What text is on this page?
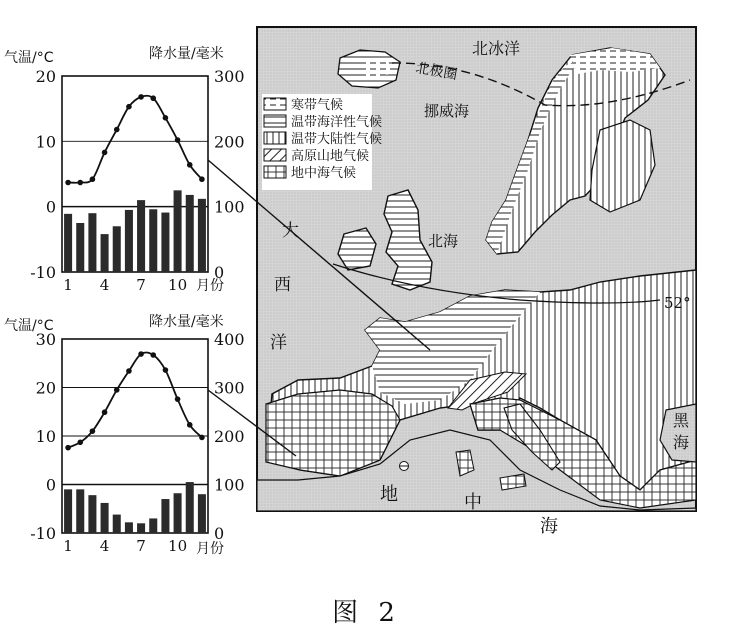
气温/°C	降水量/毫米
-10
0
10
20
0
100
200
300
1 4 7 10 月份
气温/°C	降水量/毫米
-10
0
10
20
30
0
100
200
300
400
1 4 7 10 月份
寒带气候
温带海洋性气候
温带大陆性气候
高原山地气候
地中海气候
北冰洋
北极圈
挪威海
北海
大
西
洋
52°
黑
海
地	中
海
图 2
